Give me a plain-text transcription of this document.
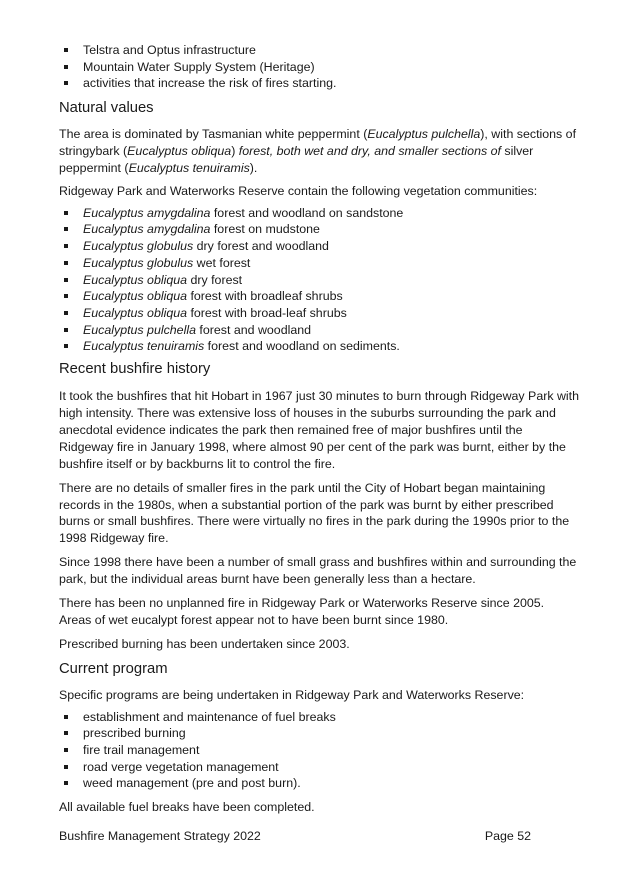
Telstra and Optus infrastructure
Mountain Water Supply System (Heritage)
activities that increase the risk of fires starting.
Natural values

The area is dominated by Tasmanian white peppermint (Eucalyptus pulchella), with sections of stringybark (Eucalyptus obliqua) forest, both wet and dry, and smaller sections of silver peppermint (Eucalyptus tenuiramis).

Ridgeway Park and Waterworks Reserve contain the following vegetation communities:

Eucalyptus amygdalina forest and woodland on sandstone
Eucalyptus amygdalina forest on mudstone
Eucalyptus globulus dry forest and woodland
Eucalyptus globulus wet forest
Eucalyptus obliqua dry forest
Eucalyptus obliqua forest with broadleaf shrubs
Eucalyptus obliqua forest with broad-leaf shrubs
Eucalyptus pulchella forest and woodland
Eucalyptus tenuiramis forest and woodland on sediments.
Recent bushfire history

It took the bushfires that hit Hobart in 1967 just 30 minutes to burn through Ridgeway Park with high intensity. There was extensive loss of houses in the suburbs surrounding the park and anecdotal evidence indicates the park then remained free of major bushfires until the Ridgeway fire in January 1998, where almost 90 per cent of the park was burnt, either by the bushfire itself or by backburns lit to control the fire.

There are no details of smaller fires in the park until the City of Hobart began maintaining records in the 1980s, when a substantial portion of the park was burnt by either prescribed burns or small bushfires. There were virtually no fires in the park during the 1990s prior to the 1998 Ridgeway fire.

Since 1998 there have been a number of small grass and bushfires within and surrounding the park, but the individual areas burnt have been generally less than a hectare.

There has been no unplanned fire in Ridgeway Park or Waterworks Reserve since 2005. Areas of wet eucalypt forest appear not to have been burnt since 1980.

Prescribed burning has been undertaken since 2003.

Current program

Specific programs are being undertaken in Ridgeway Park and Waterworks Reserve:

establishment and maintenance of fuel breaks
prescribed burning
fire trail management
road verge vegetation management
weed management (pre and post burn).

All available fuel breaks have been completed.

Bushfire Management Strategy 2022	Page 52
